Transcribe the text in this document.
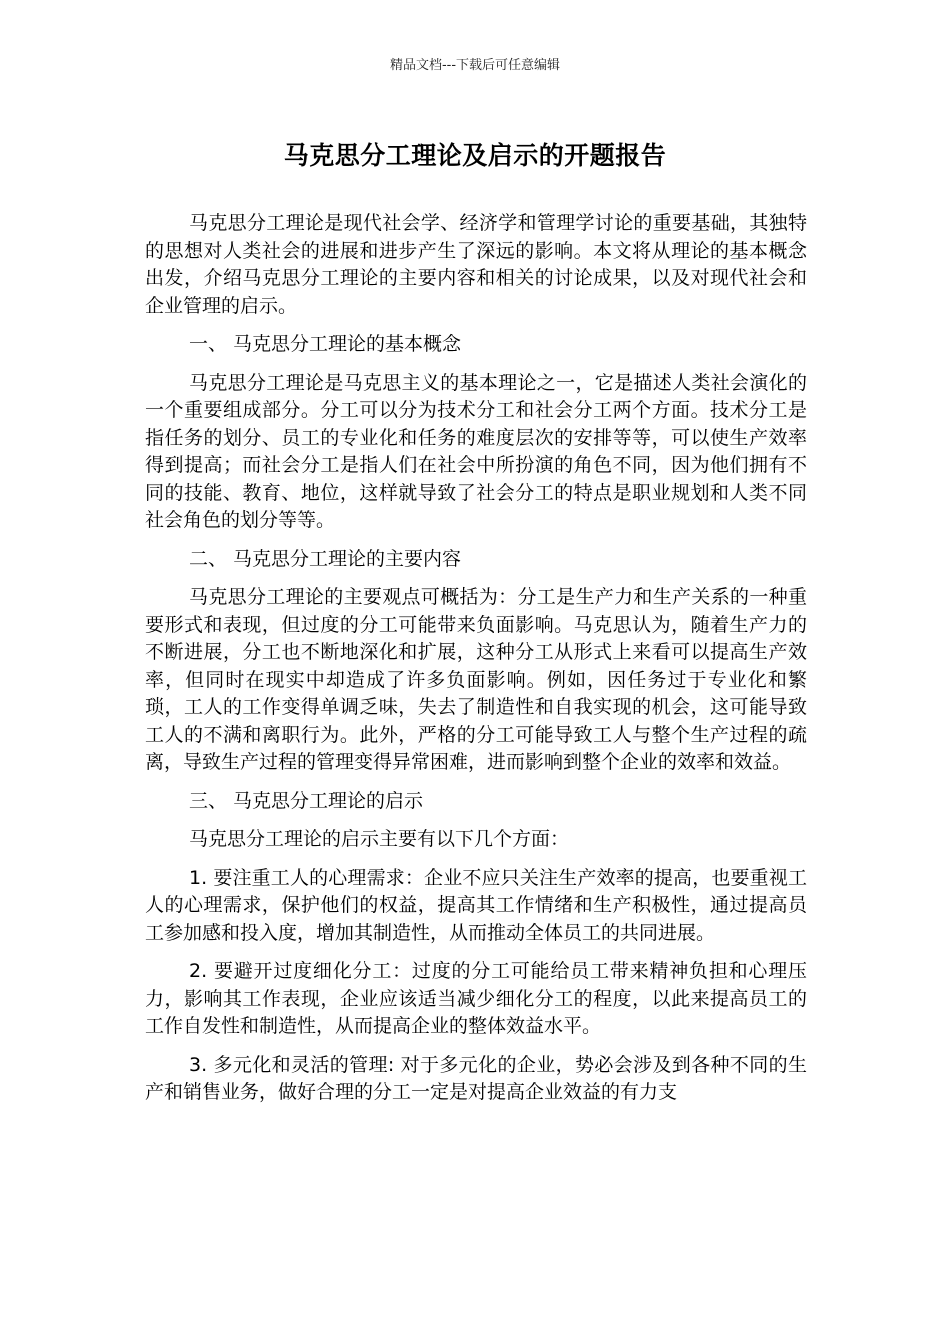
精品文档---下载后可任意编辑
马克思分工理论及启示的开题报告

马克思分工理论是现代社会学、经济学和管理学讨论的重要基础，其独特的思想对人类社会的进展和进步产生了深远的影响。本文将从理论的基本概念出发，介绍马克思分工理论的主要内容和相关的讨论成果，以及对现代社会和企业管理的启示。

一、 马克思分工理论的基本概念

马克思分工理论是马克思主义的基本理论之一，它是描述人类社会演化的一个重要组成部分。分工可以分为技术分工和社会分工两个方面。技术分工是指任务的划分、员工的专业化和任务的难度层次的安排等等，可以使生产效率得到提高；而社会分工是指人们在社会中所扮演的角色不同，因为他们拥有不同的技能、教育、地位，这样就导致了社会分工的特点是职业规划和人类不同社会角色的划分等等。

二、 马克思分工理论的主要内容

马克思分工理论的主要观点可概括为：分工是生产力和生产关系的一种重要形式和表现，但过度的分工可能带来负面影响。马克思认为，随着生产力的不断进展，分工也不断地深化和扩展，这种分工从形式上来看可以提高生产效率，但同时在现实中却造成了许多负面影响。例如，因任务过于专业化和繁琐，工人的工作变得单调乏味，失去了制造性和自我实现的机会，这可能导致工人的不满和离职行为。此外，严格的分工可能导致工人与整个生产过程的疏离，导致生产过程的管理变得异常困难，进而影响到整个企业的效率和效益。

三、 马克思分工理论的启示

马克思分工理论的启示主要有以下几个方面：

1. 要注重工人的心理需求：企业不应只关注生产效率的提高，也要重视工人的心理需求，保护他们的权益，提高其工作情绪和生产积极性，通过提高员工参加感和投入度，增加其制造性，从而推动全体员工的共同进展。

2. 要避开过度细化分工：过度的分工可能给员工带来精神负担和心理压力，影响其工作表现，企业应该适当减少细化分工的程度，以此来提高员工的工作自发性和制造性，从而提高企业的整体效益水平。

3. 多元化和灵活的管理: 对于多元化的企业，势必会涉及到各种不同的生产和销售业务，做好合理的分工一定是对提高企业效益的有力支
